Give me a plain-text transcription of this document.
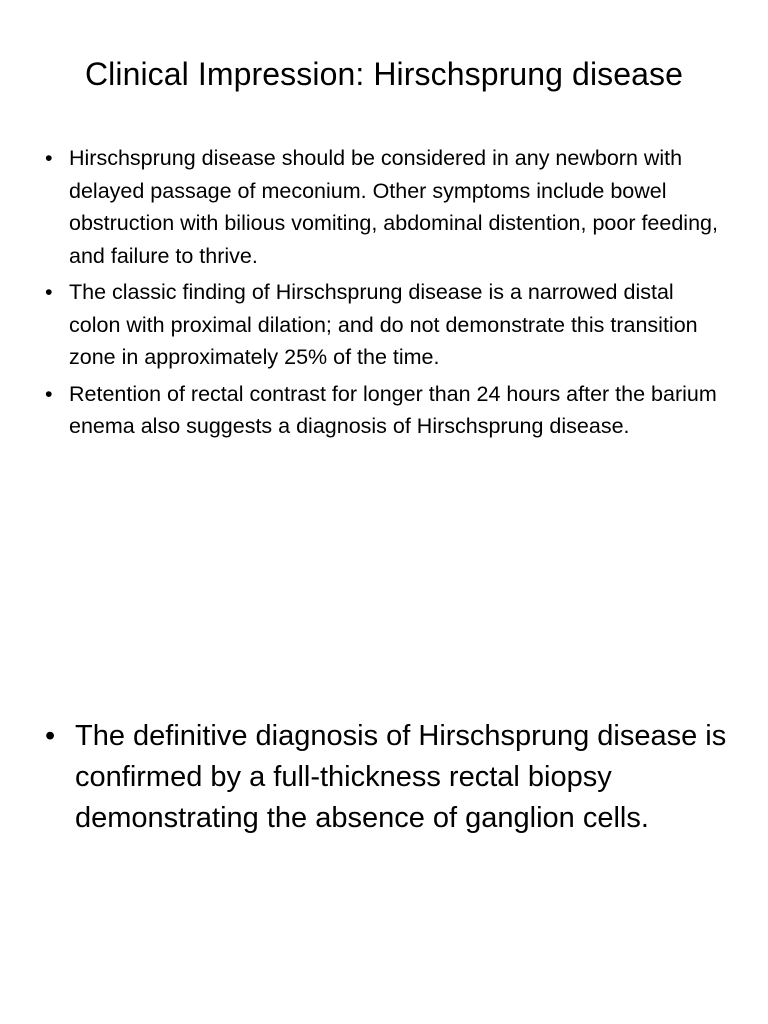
Clinical Impression: Hirschsprung disease
• Hirschsprung disease should be considered in any newborn with delayed passage of meconium. Other symptoms include bowel obstruction with bilious vomiting, abdominal distention, poor feeding, and failure to thrive.
• The classic finding of Hirschsprung disease is a narrowed distal colon with proximal dilation; and do not demonstrate this transition zone in approximately 25% of the time.
• Retention of rectal contrast for longer than 24 hours after the barium enema also suggests a diagnosis of Hirschsprung disease.
• The definitive diagnosis of Hirschsprung disease is confirmed by a full-thickness rectal biopsy demonstrating the absence of ganglion cells.
